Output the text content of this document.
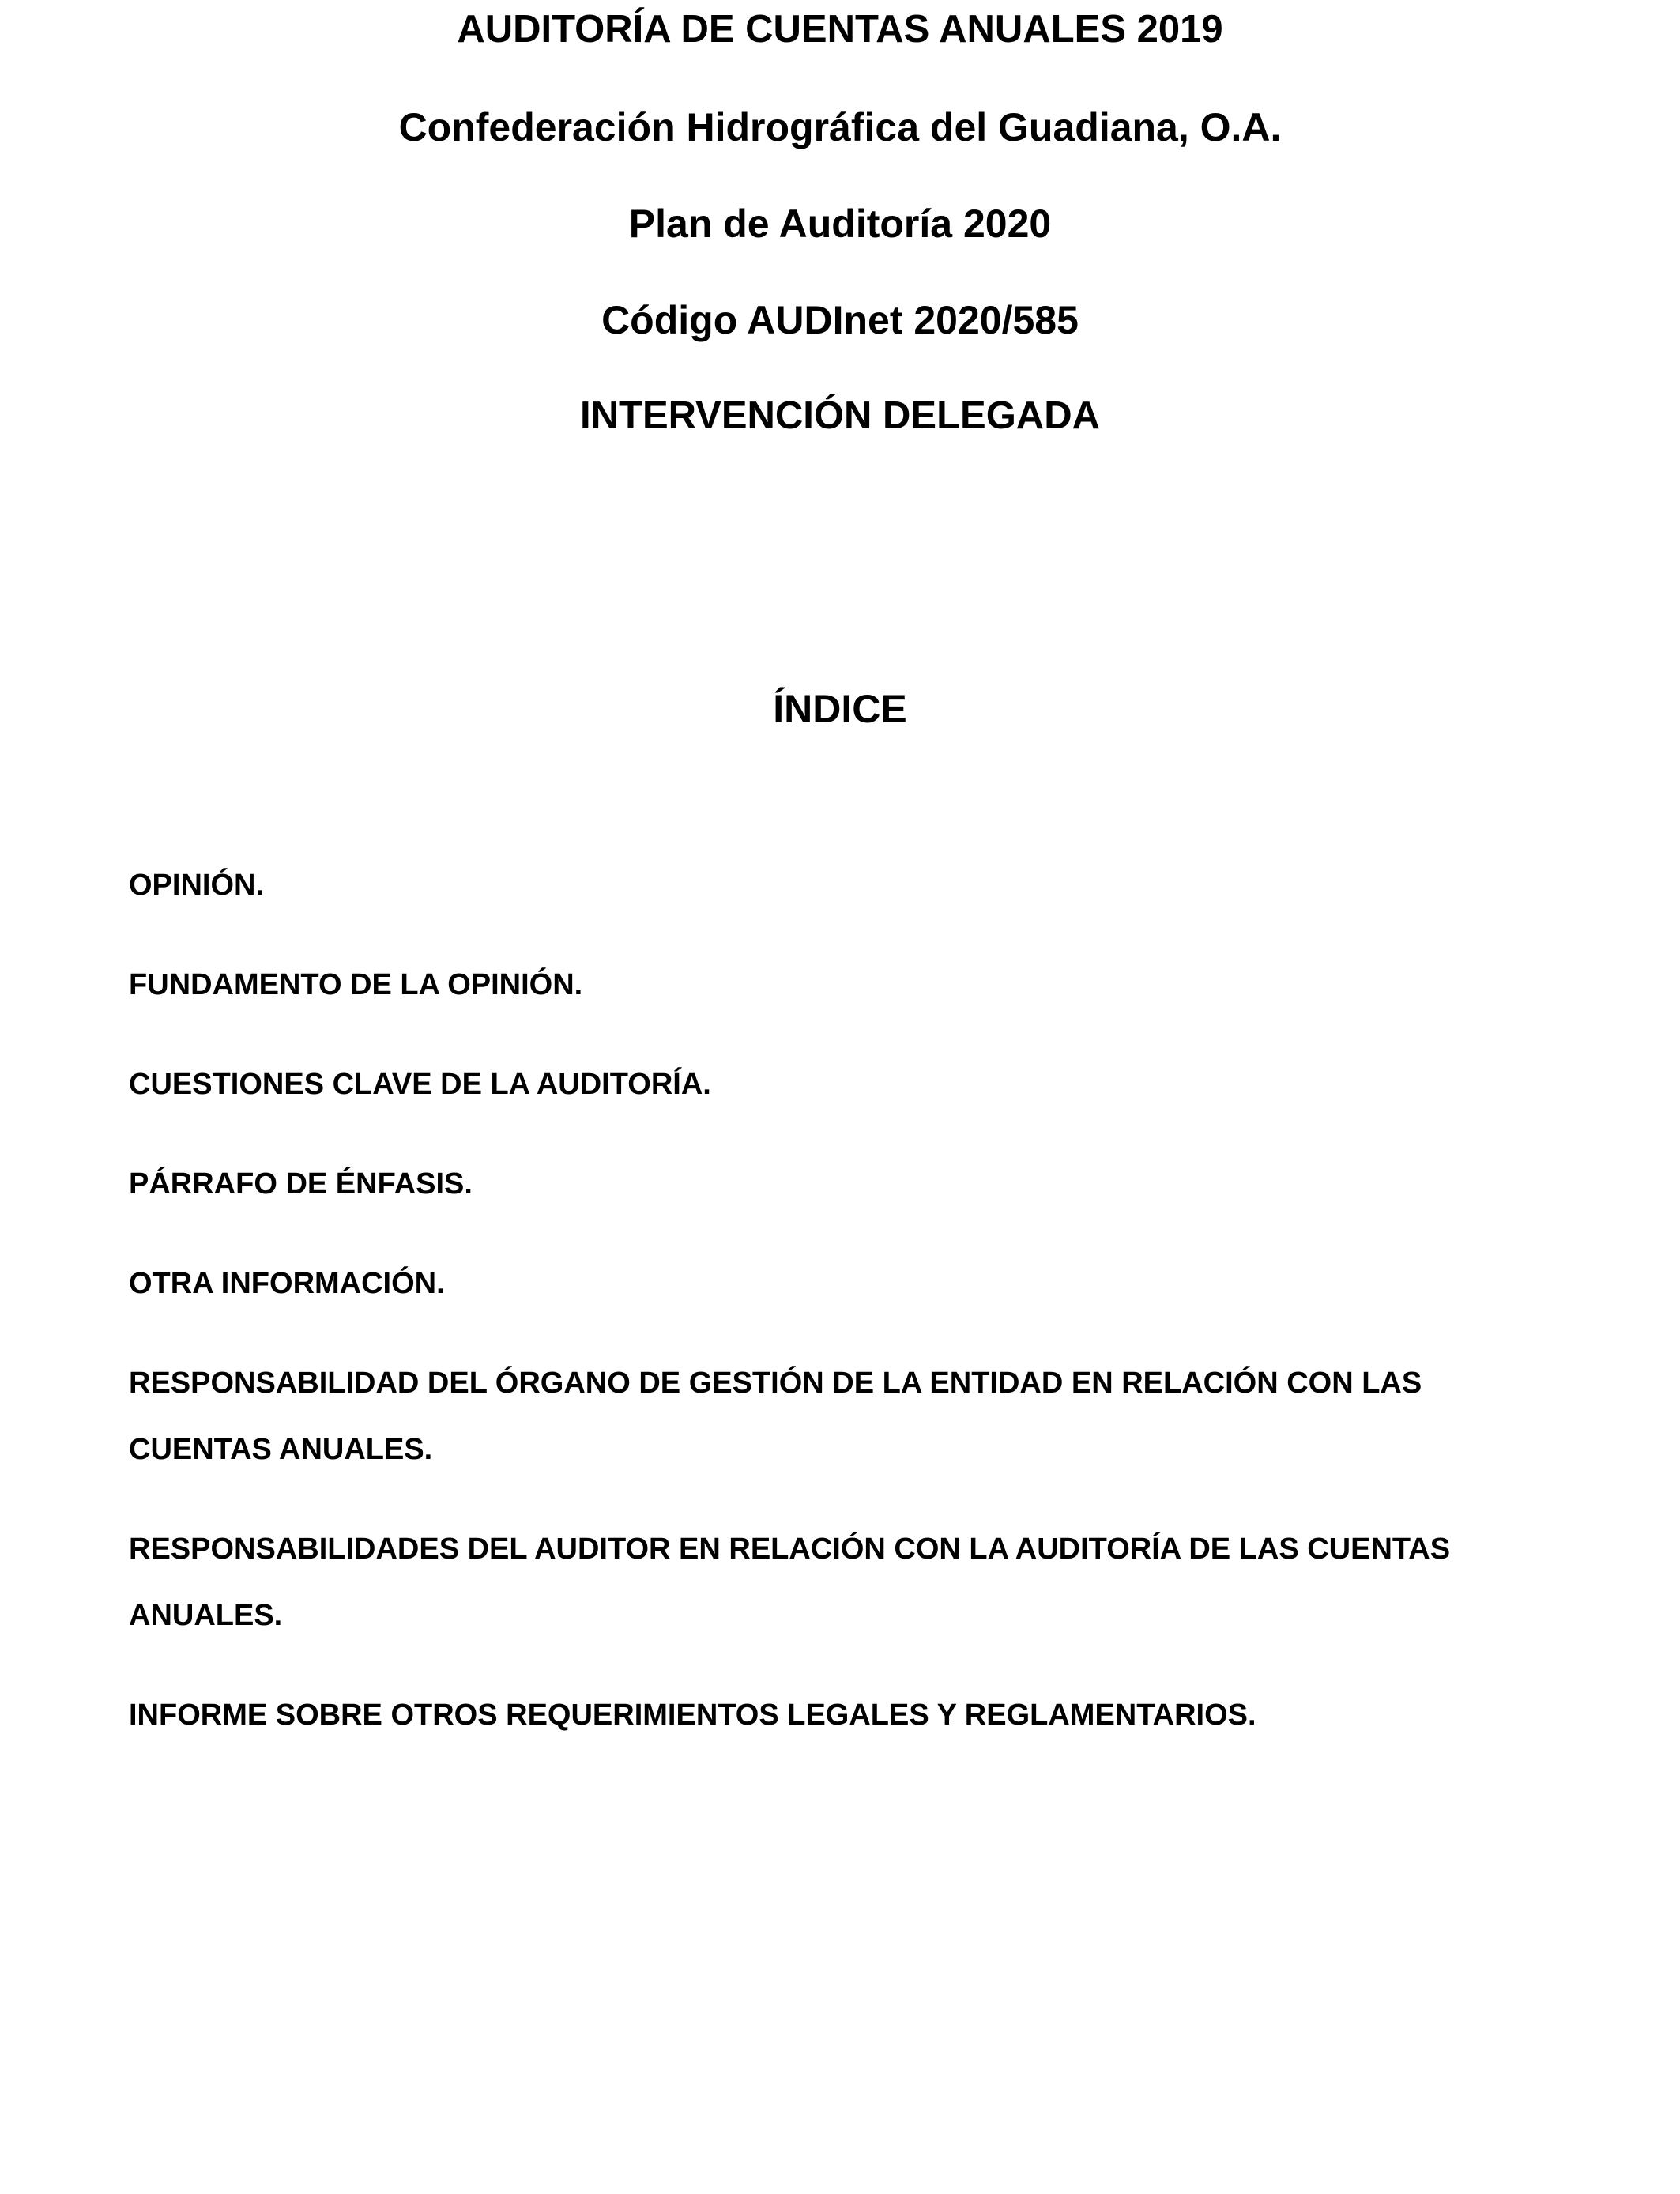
AUDITORÍA DE CUENTAS ANUALES 2019
Confederación Hidrográfica del Guadiana, O.A.
Plan de Auditoría 2020
Código AUDInet 2020/585
INTERVENCIÓN DELEGADA
ÍNDICE
OPINIÓN.
FUNDAMENTO DE LA OPINIÓN.
CUESTIONES CLAVE DE LA AUDITORÍA.
PÁRRAFO DE ÉNFASIS.
OTRA INFORMACIÓN.
RESPONSABILIDAD DEL ÓRGANO DE GESTIÓN DE LA ENTIDAD EN RELACIÓN CON LAS CUENTAS ANUALES.
RESPONSABILIDADES DEL AUDITOR EN RELACIÓN CON LA AUDITORÍA DE LAS CUENTAS ANUALES.
INFORME SOBRE OTROS REQUERIMIENTOS LEGALES Y REGLAMENTARIOS.
